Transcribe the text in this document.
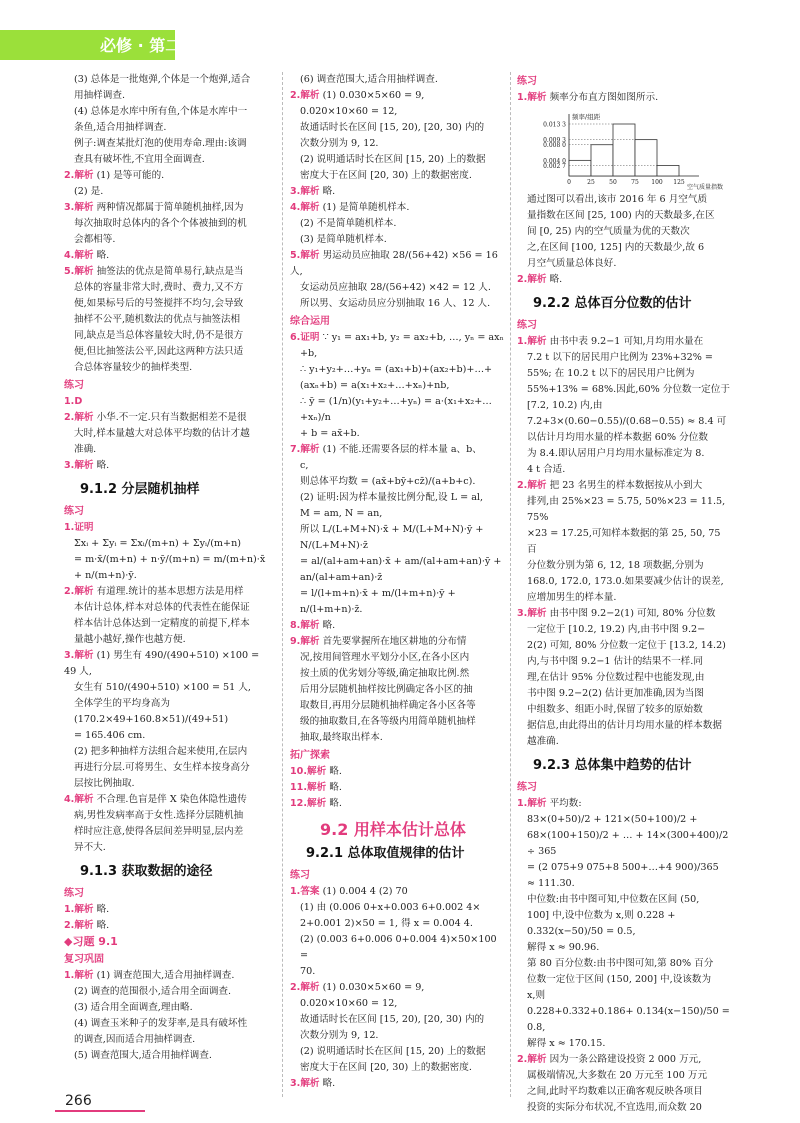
必修 · 第二册

(3) 总体是一批炮弹,个体是一个炮弹,适合

用抽样调查.

(4) 总体是水库中所有鱼,个体是水库中一

条鱼,适合用抽样调查.

例子:调查某批灯泡的使用寿命.理由:该调

查具有破坏性,不宜用全面调查.

2.解析 (1) 是等可能的.

(2) 是.

3.解析 两种情况都属于简单随机抽样,因为

每次抽取时总体内的各个个体被抽到的机

会都相等.

4.解析 略.

5.解析 抽签法的优点是简单易行,缺点是当

总体的容量非常大时,费时、费力,又不方

便,如果标号后的号签搅拌不均匀,会导致

抽样不公平,随机数法的优点与抽签法相

同,缺点是当总体容量较大时,仍不是很方

便,但比抽签法公平,因此这两种方法只适

合总体容量较少的抽样类型.

练习
1.D

2.解析 小华.不一定.只有当数据相差不是很

大时,样本量越大对总体平均数的估计才越

准确.

3.解析 略.

9.1.2 分层随机抽样
练习

1.证明

Σxᵢ + Σyᵢ = Σxᵢ/(m+n) + Σyᵢ/(m+n)

= m·x̄/(m+n) + n·ȳ/(m+n) = m/(m+n)·x̄ + n/(m+n)·ȳ.

2.解析 有道理.统计的基本思想方法是用样

本估计总体,样本对总体的代表性在能保证

样本估计总体达到一定精度的前提下,样本

量越小越好,操作也越方便.

3.解析 (1) 男生有 490/(490+510) ×100 = 49 人,

女生有 510/(490+510) ×100 = 51 人,

全体学生的平均身高为 (170.2×49+160.8×51)/(49+51)

= 165.406 cm.

(2) 把多种抽样方法组合起来使用,在层内

再进行分层.可将男生、女生样本按身高分

层按比例抽取.

4.解析 不合理.色盲是伴 X 染色体隐性遗传

病,男性发病率高于女性.选择分层随机抽

样时应注意,使得各层间差异明显,层内差

异不大.

9.1.3 获取数据的途径
练习

1.解析 略.

2.解析 略.

◆习题 9.1
复习巩固

1.解析 (1) 调查范围大,适合用抽样调查.

(2) 调查的范围很小,适合用全面调查.

(3) 适合用全面调查,理由略.

(4) 调查玉米种子的发芽率,是具有破坏性

的调查,因而适合用抽样调查.

(5) 调查范围大,适合用抽样调查.

(6) 调查范围大,适合用抽样调查.

2.解析 (1) 0.030×5×60 = 9,

0.020×10×60 = 12,

故通话时长在区间 [15, 20), [20, 30) 内的

次数分别为 9, 12.

(2) 说明通话时长在区间 [15, 20) 上的数据

密度大于在区间 [20, 30) 上的数据密度.

3.解析 略.

4.解析 (1) 是简单随机样本.

(2) 不是简单随机样本.

(3) 是简单随机样本.

5.解析 男运动员应抽取 28/(56+42) ×56 = 16 人,

女运动员应抽取 28/(56+42) ×42 = 12 人.

所以男、女运动员应分别抽取 16 人、12 人.

综合运用

6.证明 ∵ y₁ = ax₁+b, y₂ = ax₂+b, …, yₙ = axₙ

+b,

∴ y₁+y₂+…+yₙ = (ax₁+b)+(ax₂+b)+…+

(axₙ+b) = a(x₁+x₂+…+xₙ)+nb,

∴ ȳ = (1/n)(y₁+y₂+…+yₙ) = a·(x₁+x₂+…+xₙ)/n

+ b = ax̄+b.

7.解析 (1) 不能.还需要各层的样本量 a、b、

c,

则总体平均数 = (ax̄+bȳ+cz̄)/(a+b+c).

(2) 证明:因为样本量按比例分配,设 L = al,

M = am, N = an,

所以 L/(L+M+N)·x̄ + M/(L+M+N)·ȳ + N/(L+M+N)·z̄

= al/(al+am+an)·x̄ + am/(al+am+an)·ȳ + an/(al+am+an)·z̄

= l/(l+m+n)·x̄ + m/(l+m+n)·ȳ + n/(l+m+n)·z̄.

8.解析 略.

9.解析 首先要掌握所在地区耕地的分布情

况,按用间管理水平划分小区,在各小区内

按土质的优劣划分等级,确定抽取比例.然

后用分层随机抽样按比例确定各小区的抽

取数目,再用分层随机抽样确定各小区各等

级的抽取数目,在各等级内用简单随机抽样

抽取,最终取出样本.

拓广探索

10.解析 略.

11.解析 略.

12.解析 略.

9.2 用样本估计总体
9.2.1 总体取值规律的估计
练习

1.答案 (1) 0.004 4 (2) 70

(1) 由 (0.006 0+x+0.003 6+0.002 4×

2+0.001 2)×50 = 1, 得 x = 0.004 4.

(2) (0.003 6+0.006 0+0.004 4)×50×100 =

70.

2.解析 (1) 0.030×5×60 = 9,

0.020×10×60 = 12,

故通话时长在区间 [15, 20), [20, 30) 内的

次数分别为 9, 12.

(2) 说明通话时长在区间 [15, 20) 上的数据

密度大于在区间 [20, 30) 上的数据密度.

3.解析 略.

练习

1.解析 频率分布直方图如图所示.

频率/组距
空气质量指数
0.013 3
0.009 3
0.008 0
0.004 0
0.002 7
0	25 50 75 100 125

通过图可以看出,该市 2016 年 6 月空气质

量指数在区间 [25, 100) 内的天数最多,在区

间 [0, 25) 内的空气质量为优的天数次

之,在区间 [100, 125] 内的天数最少,故 6

月空气质量总体良好.

2.解析 略.

9.2.2 总体百分位数的估计
练习

1.解析 由书中表 9.2−1 可知,月均用水量在

7.2 t 以下的居民用户比例为 23%+32% =

55%; 在 10.2 t 以下的居民用户比例为

55%+13% = 68%.因此,60% 分位数一定位于

[7.2, 10.2) 内,由 7.2+3×(0.60−0.55)/(0.68−0.55) ≈ 8.4 可

以估计月均用水量的样本数据 60% 分位数

为 8.4.即认居用户月均用水量标准定为 8.

4 t 合适.

2.解析 把 23 名男生的样本数据按从小到大

排列,由 25%×23 = 5.75, 50%×23 = 11.5, 75%

×23 = 17.25,可知样本数据的第 25, 50, 75 百

分位数分别为第 6, 12, 18 项数据,分别为

168.0, 172.0, 173.0.如果要减少估计的误差,

应增加男生的样本量.

3.解析 由书中图 9.2−2(1) 可知, 80% 分位数

一定位于 [10.2, 19.2) 内,由书中图 9.2−

2(2) 可知, 80% 分位数一定位于 [13.2, 14.2)

内,与书中图 9.2−1 估计的结果不一样.同

理,在估计 95% 分位数过程中也能发现,由

书中图 9.2−2(2) 估计更加准确,因为当图

中组数多、组距小时,保留了较多的原始数

据信息,由此得出的估计月均用水量的样本数据

越准确.

9.2.3 总体集中趋势的估计
练习

1.解析 平均数:

83×(0+50)/2 + 121×(50+100)/2 + 68×(100+150)/2 + … + 14×(300+400)/2 ÷ 365

= (2 075+9 075+8 500+…+4 900)/365

≈ 111.30.

中位数:由书中图可知,中位数在区间 (50,

100] 中,设中位数为 x,则 0.228 +

0.332(x−50)/50 = 0.5,

解得 x ≈ 90.96.

第 80 百分位数:由书中图可知,第 80% 百分

位数一定位于区间 (150, 200] 中,设该数为

x,则

0.228+0.332+0.186+ 0.134(x−150)/50 = 0.8,

解得 x ≈ 170.15.

2.解析 因为一条公路建设投资 2 000 万元,

属极端情况,大多数在 20 万元至 100 万元

之间,此时平均数难以正确客观反映各项目

投资的实际分布状况,不宜选用,而众数 20

266
